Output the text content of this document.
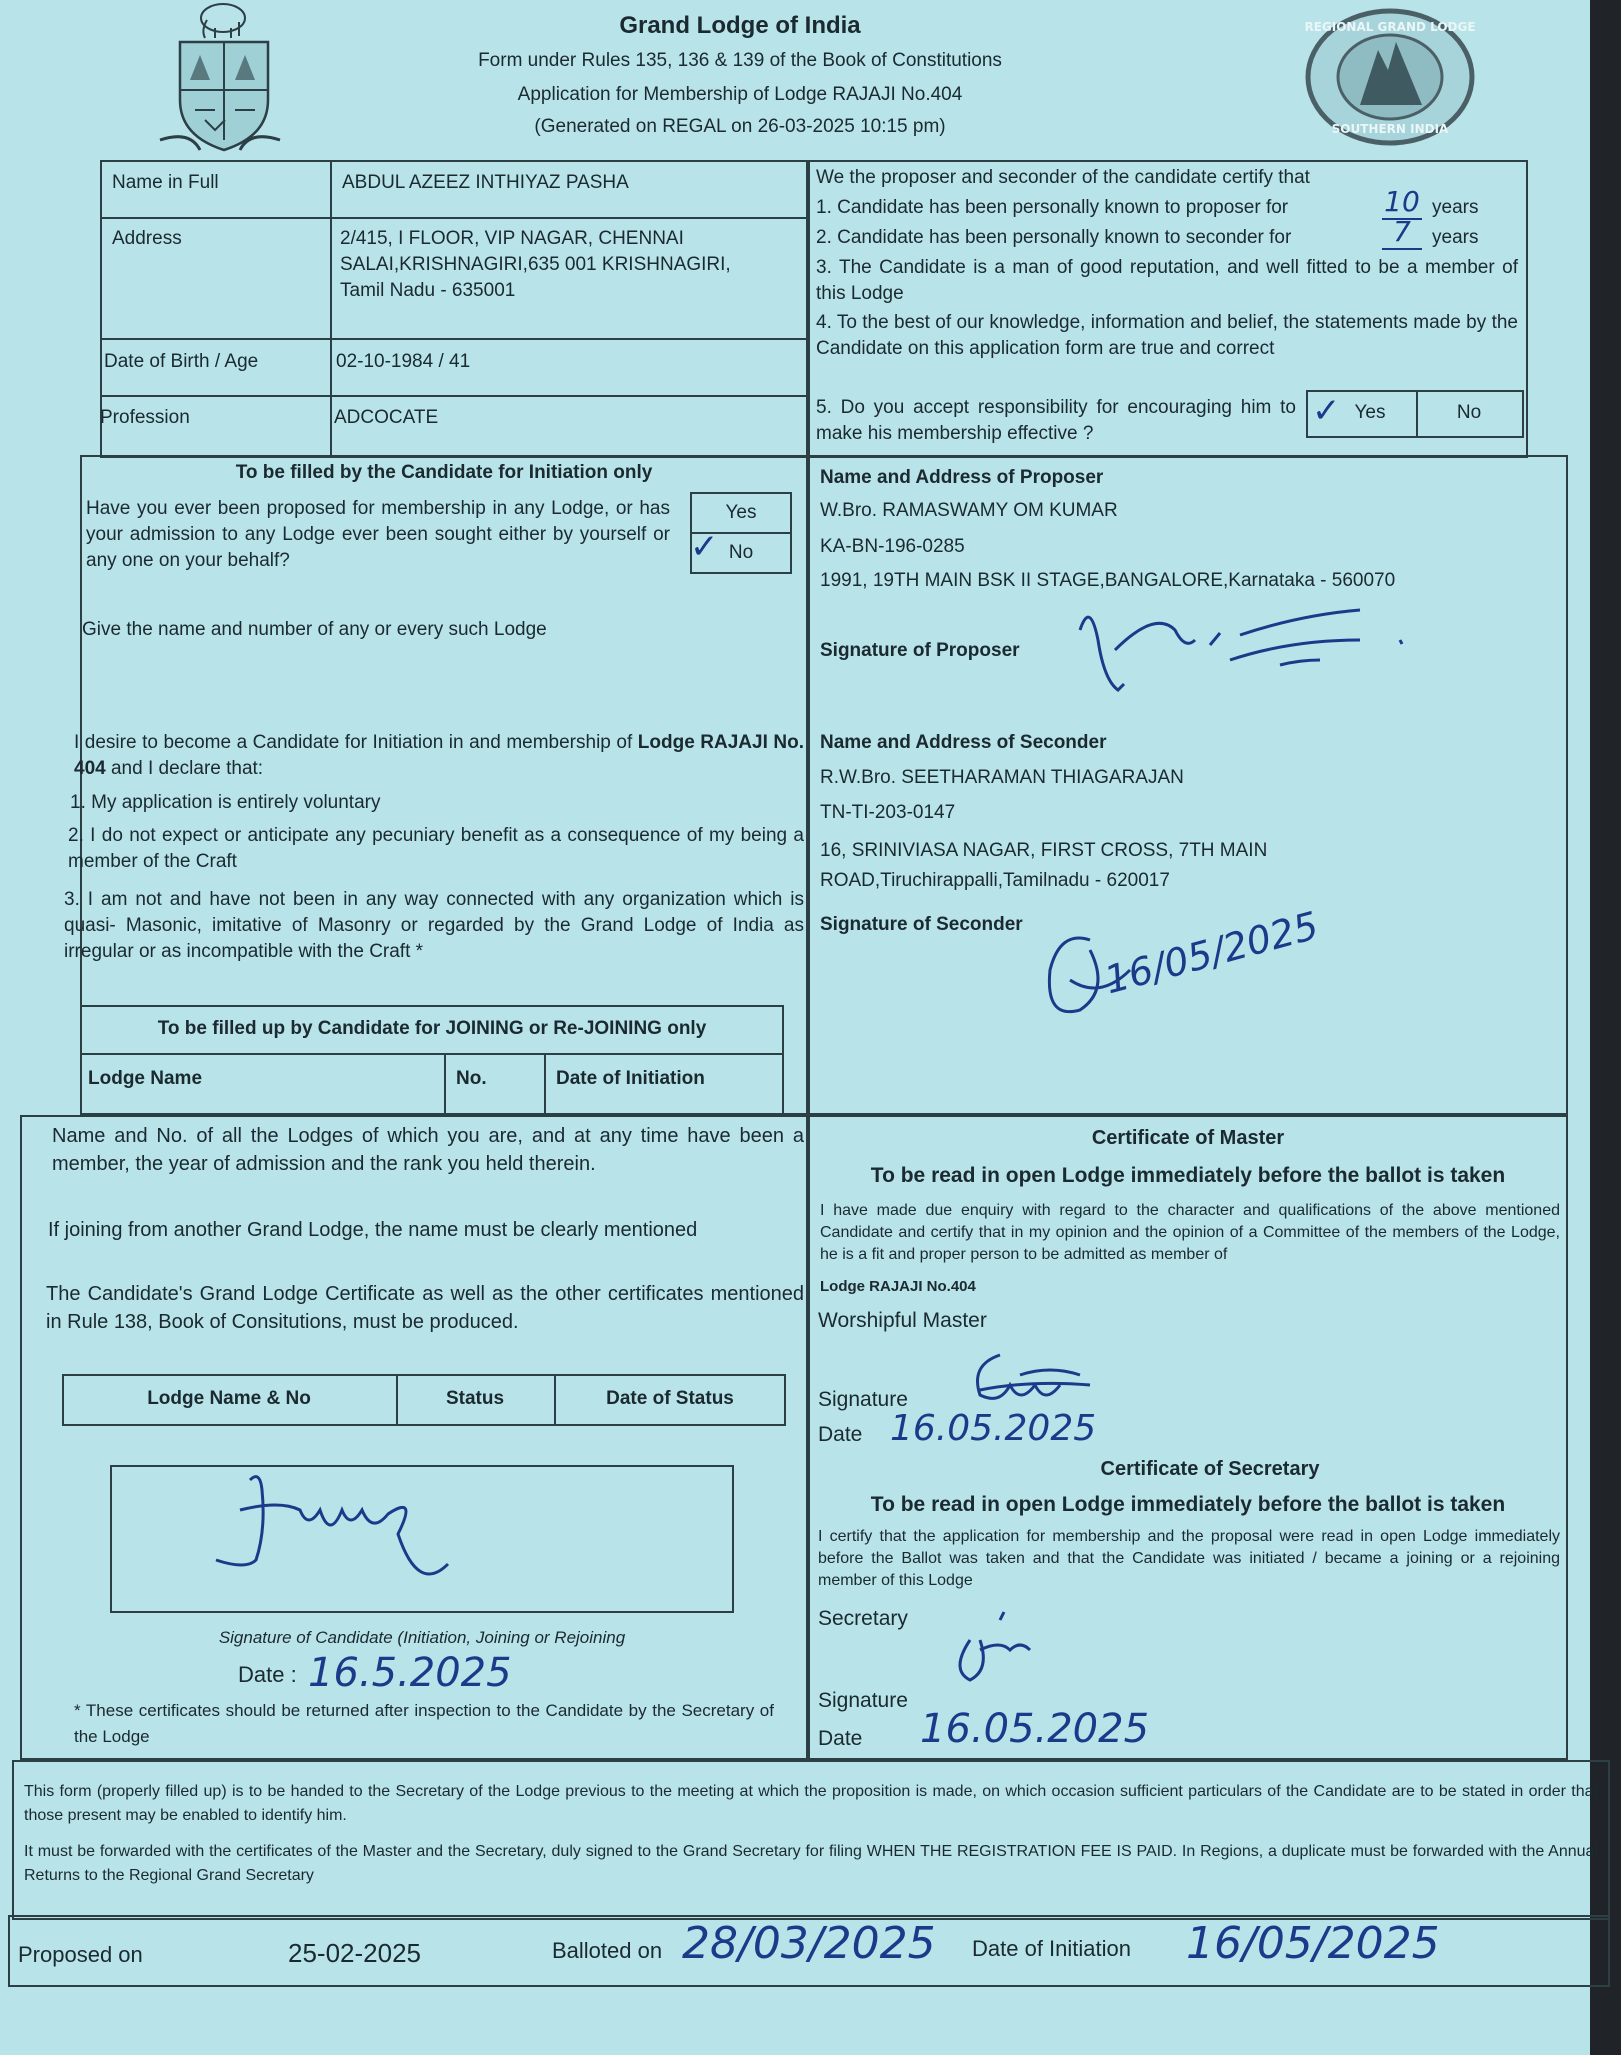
Grand Lodge of India
Form under Rules 135, 136 & 139 of the Book of Constitutions
Application for Membership of Lodge RAJAJI No.404
(Generated on REGAL on 26-03-2025 10:15 pm)
REGIONAL GRAND LODGE
SOUTHERN INDIA
Name in Full	ABDUL AZEEZ INTHIYAZ PASHA
Address	2/415, I FLOOR, VIP NAGAR, CHENNAI
SALAI,KRISHNAGIRI,635 001 KRISHNAGIRI,
Tamil Nadu - 635001
Date of Birth / Age	02-10-1984 / 41
Profession	ADCOCATE
We the proposer and seconder of the candidate certify that
1. Candidate has been personally known to proposer for	10 years
2. Candidate has been personally known to seconder for	7	years
3. The Candidate is a man of good reputation, and well fitted to be a member of this Lodge
4. To the best of our knowledge, information and belief, the statements made by the Candidate on this application form are true and correct
5. Do you accept responsibility for encouraging him to make his membership effective ?
Yes	No
✓
To be filled by the Candidate for Initiation only
Have you ever been proposed for membership in any Lodge, or has your admission to any Lodge ever been sought either by yourself or any one on your behalf?
Yes
No
✓
Give the name and number of any or every such Lodge
I desire to become a Candidate for Initiation in and membership of Lodge RAJAJI No. 404 and I declare that:
1. My application is entirely voluntary
2. I do not expect or anticipate any pecuniary benefit as a consequence of my being a member of the Craft
3. I am not and have not been in any way connected with any organization which is quasi- Masonic, imitative of Masonry or regarded by the Grand Lodge of India as irregular or as incompatible with the Craft *
To be filled up by Candidate for JOINING or Re-JOINING only
Lodge Name	No.	Date of Initiation
Name and Address of Proposer
W.Bro. RAMASWAMY OM KUMAR
KA-BN-196-0285
1991, 19TH MAIN BSK II STAGE,BANGALORE,Karnataka - 560070
Signature of Proposer
Name and Address of Seconder
R.W.Bro. SEETHARAMAN THIAGARAJAN
TN-TI-203-0147
16, SRINIVIASA NAGAR, FIRST CROSS, 7TH MAIN
ROAD,Tiruchirappalli,Tamilnadu - 620017
Signature of Seconder 16/05/2025
Name and No. of all the Lodges of which you are, and at any time have been a member, the year of admission and the rank you held therein.
If joining from another Grand Lodge, the name must be clearly mentioned
The Candidate's Grand Lodge Certificate as well as the other certificates mentioned in Rule 138, Book of Consitutions, must be produced.
Lodge Name & No	Status	Date of Status
Signature of Candidate (Initiation, Joining or Rejoining
Date : 16.5.2025
* These certificates should be returned after inspection to the Candidate by the Secretary of the Lodge
Certificate of Master
To be read in open Lodge immediately before the ballot is taken
I have made due enquiry with regard to the character and qualifications of the above mentioned Candidate and certify that in my opinion and the opinion of a Committee of the members of the Lodge, he is a fit and proper person to be admitted as member of
Lodge RAJAJI No.404
Worshipful Master
Signature
Date 16.05.2025
Certificate of Secretary
To be read in open Lodge immediately before the ballot is taken
I certify that the application for membership and the proposal were read in open Lodge immediately before the Ballot was taken and that the Candidate was initiated / became a joining or a rejoining member of this Lodge
Secretary
Signature
Date 16.05.2025
This form (properly filled up) is to be handed to the Secretary of the Lodge previous to the meeting at which the proposition is made, on which occasion sufficient particulars of the Candidate are to be stated in order that those present may be enabled to identify him.
It must be forwarded with the certificates of the Master and the Secretary, duly signed to the Grand Secretary for filing WHEN THE REGISTRATION FEE IS PAID. In Regions, a duplicate must be forwarded with the Annual Returns to the Regional Grand Secretary
Proposed on	25-02-2025	Balloted on 28/03/2025 Date of Initiation 16/05/2025
